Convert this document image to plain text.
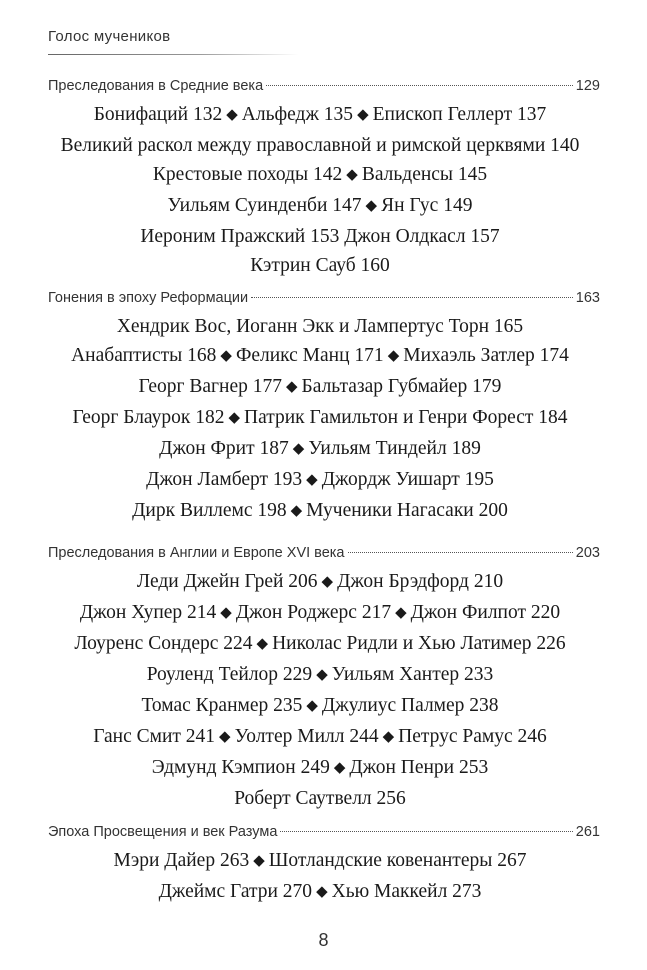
Голос мучеников
Преследования в Средние века	129
Бонифаций 132 ◆ Альфедж 135 ◆ Епископ Геллерт 137
Великий раскол между православной и римской церквями 140
Крестовые походы 142 ◆ Вальденсы 145
Уильям Суинденби 147 ◆ Ян Гус 149
Иероним Пражский 153 Джон Олдкасл 157
Кэтрин Сауб 160
Гонения в эпоху Реформации	163
Хендрик Вос, Иоганн Экк и Лампертус Торн 165
Анабаптисты 168 ◆ Феликс Манц 171 ◆ Михаэль Затлер 174
Георг Вагнер 177 ◆ Бальтазар Губмайер 179
Георг Блаурок 182 ◆ Патрик Гамильтон и Генри Форест 184
Джон Фрит 187 ◆ Уильям Тиндейл 189
Джон Ламберт 193 ◆ Джордж Уишарт 195
Дирк Виллемс 198 ◆ Мученики Нагасаки 200
Преследования в Англии и Европе XVI века	203
Леди Джейн Грей 206 ◆ Джон Брэдфорд 210
Джон Хупер 214 ◆ Джон Роджерс 217 ◆ Джон Филпот 220
Лоуренс Сондерс 224 ◆ Николас Ридли и Хью Латимер 226
Роуленд Тейлор 229 ◆ Уильям Хантер 233
Томас Кранмер 235 ◆ Джулиус Палмер 238
Ганс Смит 241 ◆ Уолтер Милл 244 ◆ Петрус Рамус 246
Эдмунд Кэмпион 249 ◆ Джон Пенри 253
Роберт Саутвелл 256
Эпоха Просвещения и век Разума	261
Мэри Дайер 263 ◆ Шотландские ковенантеры 267
Джеймс Гатри 270 ◆ Хью Маккейл 273
8
